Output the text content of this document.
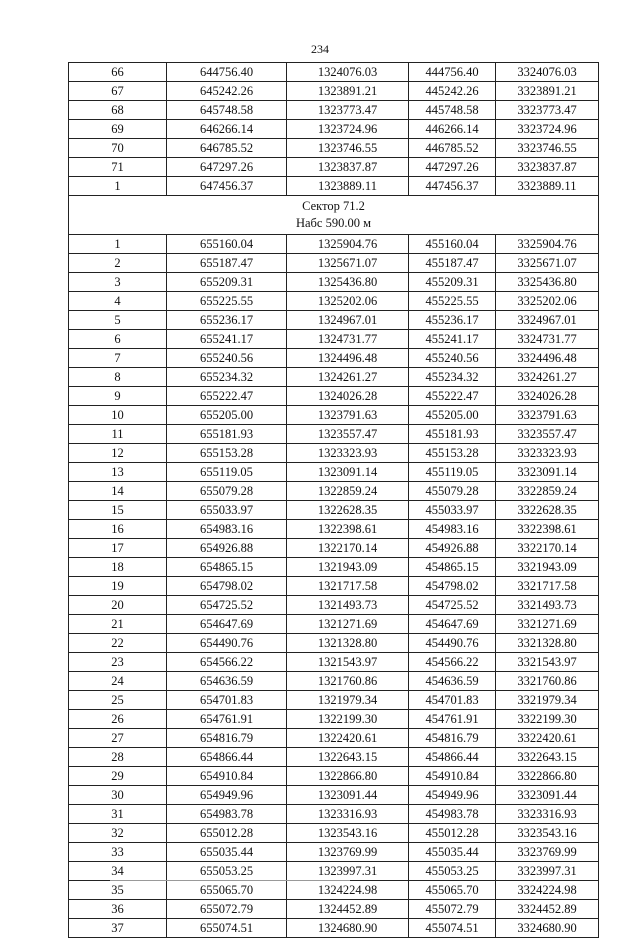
234
66	644756.40	1324076.03	444756.40	3324076.03
67	645242.26	1323891.21	445242.26	3323891.21
68	645748.58	1323773.47	445748.58	3323773.47
69	646266.14	1323724.96	446266.14	3323724.96
70	646785.52	1323746.55	446785.52	3323746.55
71	647297.26	1323837.87	447297.26	3323837.87
1	647456.37	1323889.11	447456.37	3323889.11

Сектор 71.2
Набс 590.00 м				

1	655160.04	1325904.76	455160.04	3325904.76
2	655187.47	1325671.07	455187.47	3325671.07
3	655209.31	1325436.80	455209.31	3325436.80
4	655225.55	1325202.06	455225.55	3325202.06
5	655236.17	1324967.01	455236.17	3324967.01
6	655241.17	1324731.77	455241.17	3324731.77
7	655240.56	1324496.48	455240.56	3324496.48
8	655234.32	1324261.27	455234.32	3324261.27
9	655222.47	1324026.28	455222.47	3324026.28
10	655205.00	1323791.63	455205.00	3323791.63
11	655181.93	1323557.47	455181.93	3323557.47
12	655153.28	1323323.93	455153.28	3323323.93
13	655119.05	1323091.14	455119.05	3323091.14
14	655079.28	1322859.24	455079.28	3322859.24
15	655033.97	1322628.35	455033.97	3322628.35
16	654983.16	1322398.61	454983.16	3322398.61
17	654926.88	1322170.14	454926.88	3322170.14
18	654865.15	1321943.09	454865.15	3321943.09
19	654798.02	1321717.58	454798.02	3321717.58
20	654725.52	1321493.73	454725.52	3321493.73
21	654647.69	1321271.69	454647.69	3321271.69
22	654490.76	1321328.80	454490.76	3321328.80
23	654566.22	1321543.97	454566.22	3321543.97
24	654636.59	1321760.86	454636.59	3321760.86
25	654701.83	1321979.34	454701.83	3321979.34
26	654761.91	1322199.30	454761.91	3322199.30
27	654816.79	1322420.61	454816.79	3322420.61
28	654866.44	1322643.15	454866.44	3322643.15
29	654910.84	1322866.80	454910.84	3322866.80
30	654949.96	1323091.44	454949.96	3323091.44
31	654983.78	1323316.93	454983.78	3323316.93
32	655012.28	1323543.16	455012.28	3323543.16
33	655035.44	1323769.99	455035.44	3323769.99
34	655053.25	1323997.31	455053.25	3323997.31
35	655065.70	1324224.98	455065.70	3324224.98
36	655072.79	1324452.89	455072.79	3324452.89
37	655074.51	1324680.90	455074.51	3324680.90
